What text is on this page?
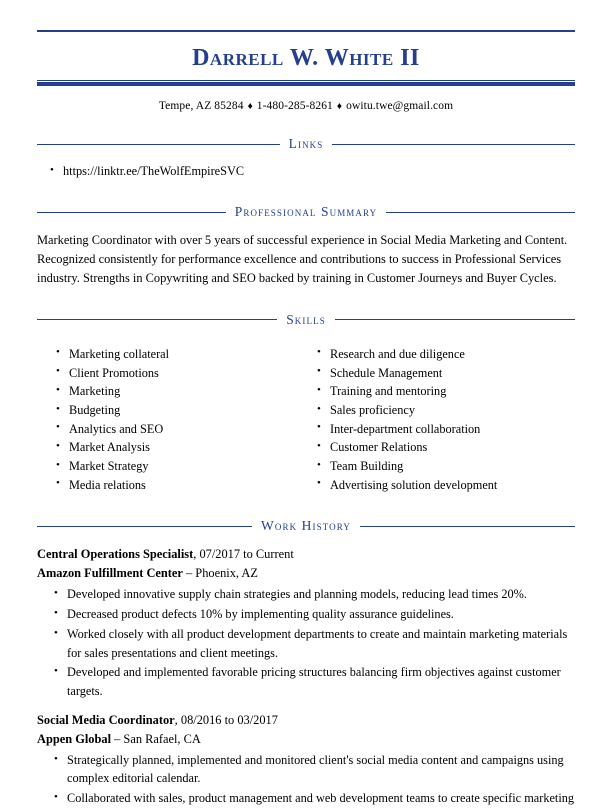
Darrell W. White II
Tempe, AZ 85284 ♦ 1-480-285-8261 ♦ owitu.twe@gmail.com
Links
• https://linktr.ee/TheWolfEmpireSVC
Professional Summary
Marketing Coordinator with over 5 years of successful experience in Social Media Marketing and Content. Recognized consistently for performance excellence and contributions to success in Professional Services industry. Strengths in Copywriting and SEO backed by training in Customer Journeys and Buyer Cycles.
Skills
• Marketing collateral
• Client Promotions
• Marketing
• Budgeting
• Analytics and SEO
• Market Analysis
• Market Strategy
• Media relations
• Research and due diligence
• Schedule Management
• Training and mentoring
• Sales proficiency
• Inter-department collaboration
• Customer Relations
• Team Building
• Advertising solution development
Work History
Central Operations Specialist, 07/2017 to Current
Amazon Fulfillment Center – Phoenix, AZ
• Developed innovative supply chain strategies and planning models, reducing lead times 20%.
• Decreased product defects 10% by implementing quality assurance guidelines.
• Worked closely with all product development departments to create and maintain marketing materials for sales presentations and client meetings.
• Developed and implemented favorable pricing structures balancing firm objectives against customer targets.
Social Media Coordinator, 08/2016 to 03/2017
Appen Global – San Rafael, CA
• Strategically planned, implemented and monitored client's social media content and campaigns using complex editorial calendar.
• Collaborated with sales, product management and web development teams to create specific marketing
